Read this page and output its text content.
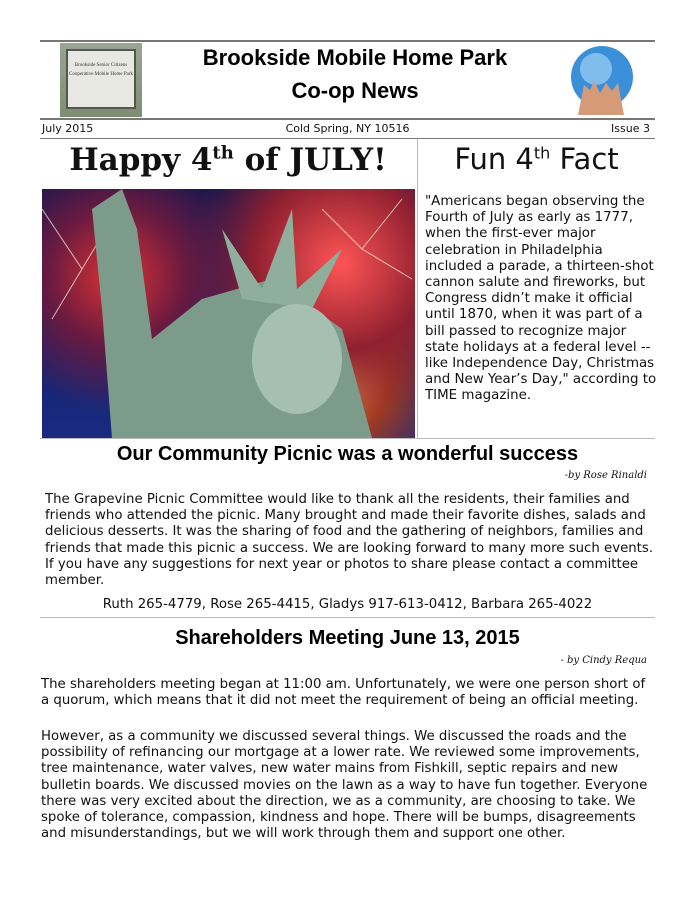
Brookside Senior Citizens Cooperative Mobile Home Park
Brookside Mobile Home Park
Co-op News
July 2015	Cold Spring, NY 10516	Issue 3
Happy 4th of JULY!	Fun 4th Fact
"Americans began observing the Fourth of July as early as 1777, when the first-ever major celebration in Philadelphia included a parade, a thirteen-shot cannon salute and fireworks, but Congress didn’t make it official until 1870, when it was part of a bill passed to recognize major state holidays at a federal level -- like Independence Day, Christmas and New Year’s Day," according to TIME magazine.
Our Community Picnic was a wonderful success
-by Rose Rinaldi
The Grapevine Picnic Committee would like to thank all the residents, their families and friends who attended the picnic. Many brought and made their favorite dishes, salads and delicious desserts. It was the sharing of food and the gathering of neighbors, families and friends that made this picnic a success. We are looking forward to many more such events. If you have any suggestions for next year or photos to share please contact a committee member.
Ruth 265-4779, Rose 265-4415, Gladys 917-613-0412, Barbara 265-4022
Shareholders Meeting June 13, 2015
- by Cindy Requa
The shareholders meeting began at 11:00 am. Unfortunately, we were one person short of a quorum, which means that it did not meet the requirement of being an official meeting.
However, as a community we discussed several things. We discussed the roads and the possibility of refinancing our mortgage at a lower rate. We reviewed some improvements, tree maintenance, water valves, new water mains from Fishkill, septic repairs and new bulletin boards. We discussed movies on the lawn as a way to have fun together. Everyone there was very excited about the direction, we as a community, are choosing to take. We spoke of tolerance, compassion, kindness and hope. There will be bumps, disagreements and misunderstandings, but we will work through them and support one other.
